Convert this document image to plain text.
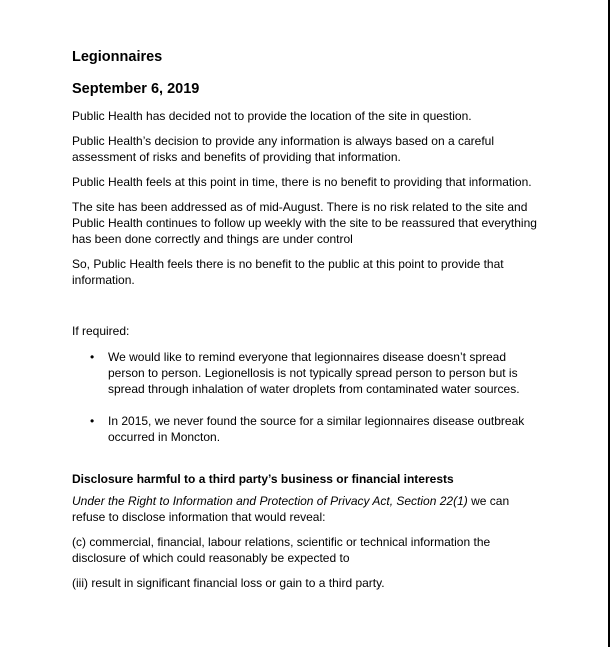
Legionnaires
September 6, 2019

Public Health has decided not to provide the location of the site in question.

Public Health’s decision to provide any information is always based on a careful assessment of risks and benefits of providing that information.

Public Health feels at this point in time, there is no benefit to providing that information.

The site has been addressed as of mid-August. There is no risk related to the site and Public Health continues to follow up weekly with the site to be reassured that everything has been done correctly and things are under control

So, Public Health feels there is no benefit to the public at this point to provide that information.

If required:

• We would like to remind everyone that legionnaires disease doesn’t spread person to person. Legionellosis is not typically spread person to person but is spread through inhalation of water droplets from contaminated water sources.
• In 2015, we never found the source for a similar legionnaires disease outbreak occurred in Moncton.
Disclosure harmful to a third party’s business or financial interests

Under the Right to Information and Protection of Privacy Act, Section 22(1) we can refuse to disclose information that would reveal:

(c) commercial, financial, labour relations, scientific or technical information the disclosure of which could reasonably be expected to

(iii) result in significant financial loss or gain to a third party.
